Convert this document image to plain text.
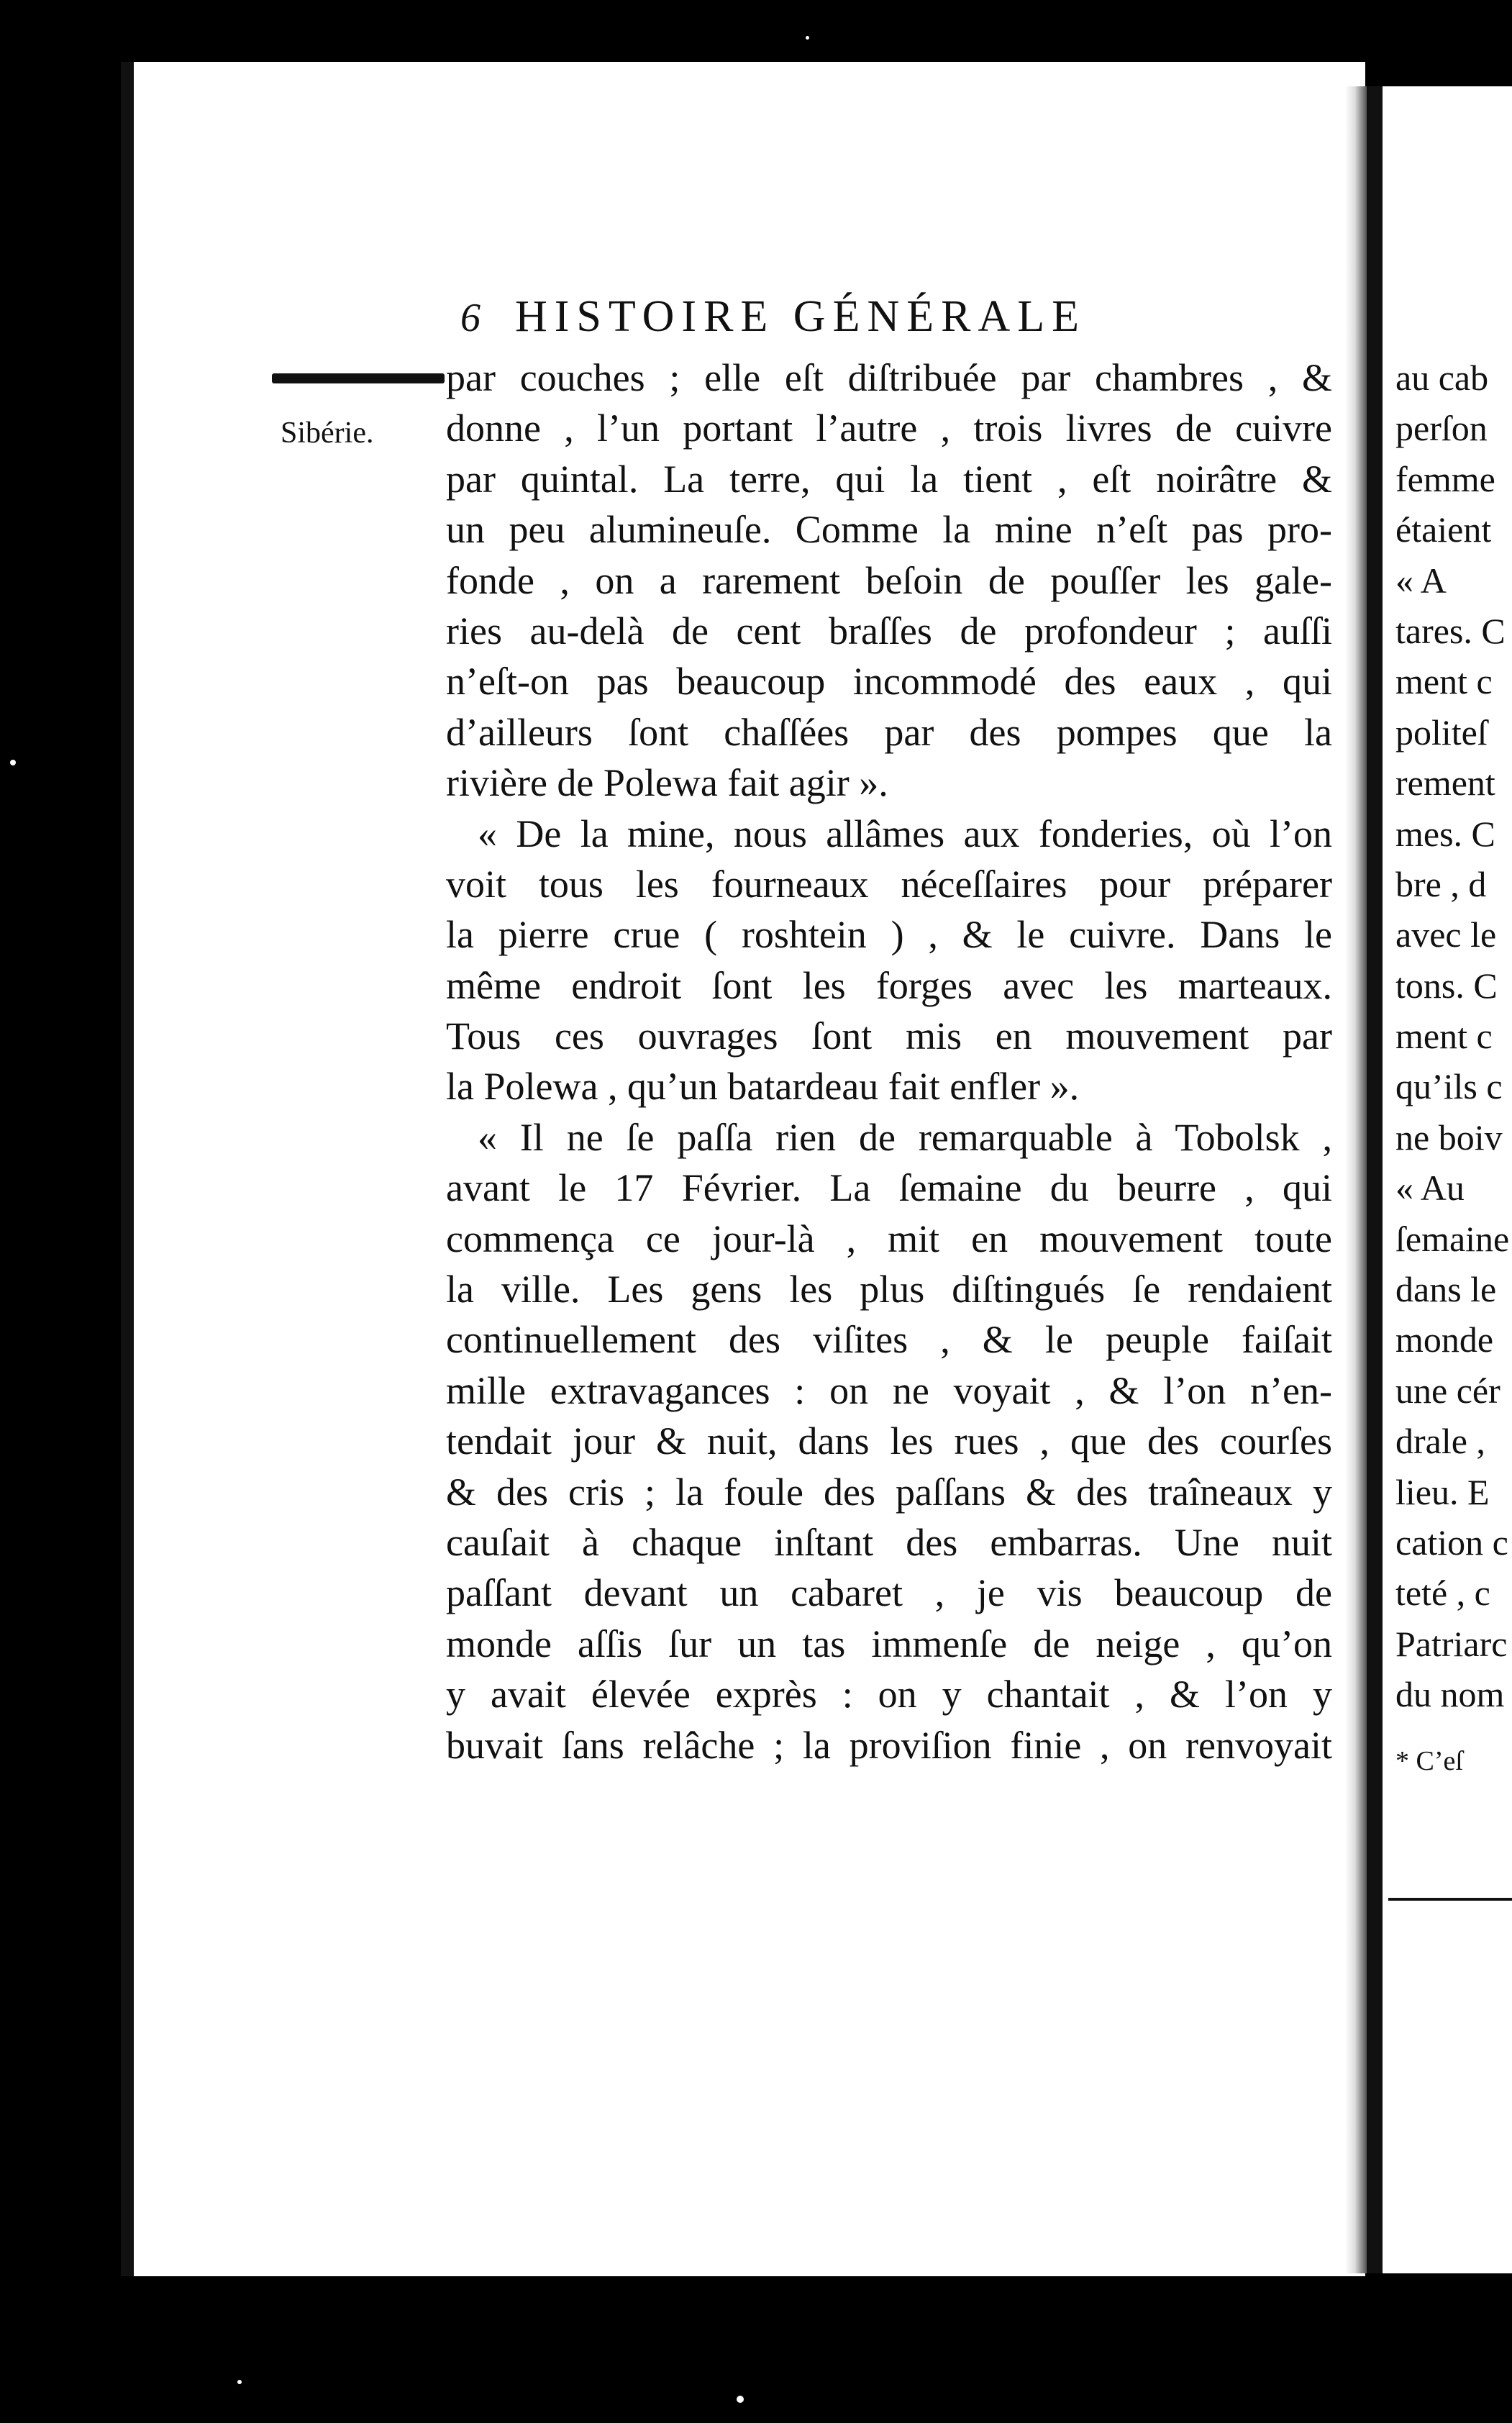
6 HISTOIRE GÉNÉRALE
Sibérie.
par couches ; elle eſt diſtribuée par chambres , &
donne , l’un portant l’autre , trois livres de cuivre
par quintal. La terre, qui la tient , eſt noirâtre &
un peu alumineuſe. Comme la mine n’eſt pas pro-
fonde , on a rarement beſoin de pouſſer les gale-
ries au-delà de cent braſſes de profondeur ; auſſi
n’eſt-on pas beaucoup incommodé des eaux , qui
d’ailleurs ſont chaſſées par des pompes que la
rivière de Polewa fait agir ».
« De la mine, nous allâmes aux fonderies, où l’on
voit tous les fourneaux néceſſaires pour préparer
la pierre crue ( roshtein ) , & le cuivre. Dans le
même endroit ſont les forges avec les marteaux.
Tous ces ouvrages ſont mis en mouvement par
la Polewa , qu’un batardeau fait enfler ».
« Il ne ſe paſſa rien de remarquable à Tobolsk ,
avant le 17 Février. La ſemaine du beurre , qui
commença ce jour-là , mit en mouvement toute
la ville. Les gens les plus diſtingués ſe rendaient
continuellement des viſites , & le peuple faiſait
mille extravagances : on ne voyait , & l’on n’en-
tendait jour & nuit, dans les rues , que des courſes
& des cris ; la foule des paſſans & des traîneaux y
cauſait à chaque inſtant des embarras. Une nuit
paſſant devant un cabaret , je vis beaucoup de
monde aſſis ſur un tas immenſe de neige , qu’on
y avait élevée exprès : on y chantait , & l’on y
buvait ſans relâche ; la proviſion finie , on renvoyait
au cab
perſon
femme
étaient
« A
tares. C
ment c
politeſ
rement
mes. C
bre , d
avec le
tons. C
ment c
qu’ils c
ne boiv
« Au
ſemaine
dans le
monde
une cér
drale ,
lieu. E
cation c
teté , c
Patriarc
du nom
* C’eſ
